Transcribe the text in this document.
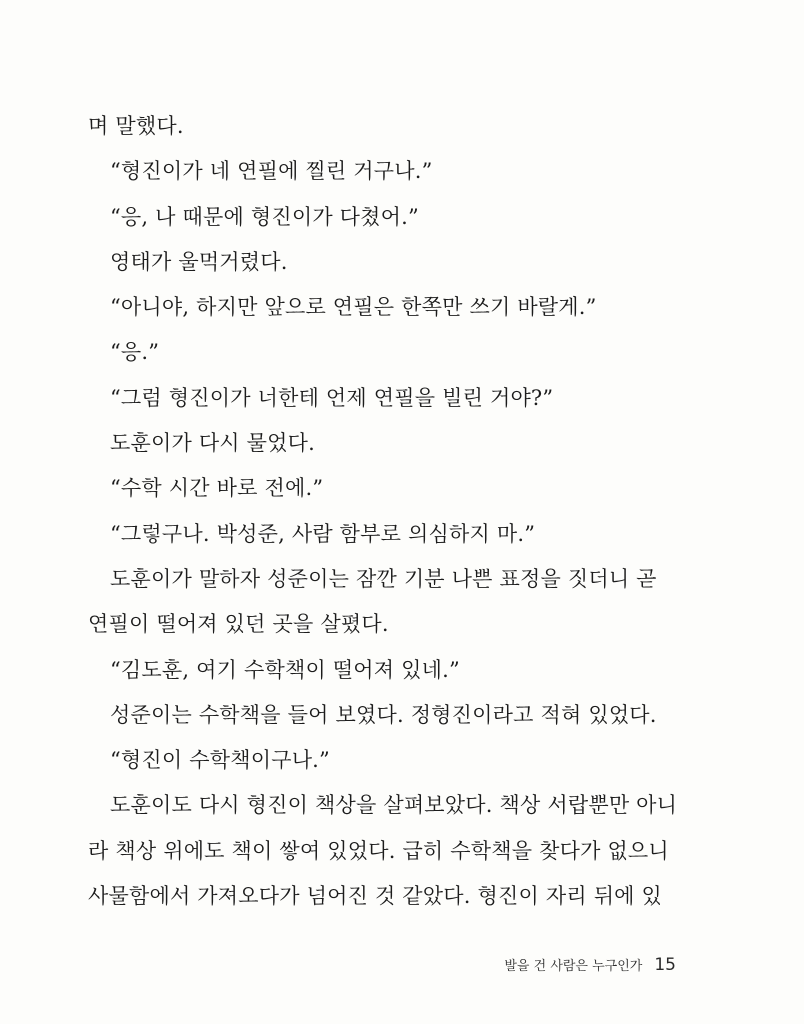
며 말했다.
“형진이가 네 연필에 찔린 거구나.”
“응, 나 때문에 형진이가 다쳤어.”
영태가 울먹거렸다.
“아니야, 하지만 앞으로 연필은 한쪽만 쓰기 바랄게.”
“응.”
“그럼 형진이가 너한테 언제 연필을 빌린 거야?”
도훈이가 다시 물었다.
“수학 시간 바로 전에.”
“그렇구나. 박성준, 사람 함부로 의심하지 마.”
도훈이가 말하자 성준이는 잠깐 기분 나쁜 표정을 짓더니 곧
연필이 떨어져 있던 곳을 살폈다.
“김도훈, 여기 수학책이 떨어져 있네.”
성준이는 수학책을 들어 보였다. 정형진이라고 적혀 있었다.
“형진이 수학책이구나.”
도훈이도 다시 형진이 책상을 살펴보았다. 책상 서랍뿐만 아니
라 책상 위에도 책이 쌓여 있었다. 급히 수학책을 찾다가 없으니
사물함에서 가져오다가 넘어진 것 같았다. 형진이 자리 뒤에 있
발을 건 사람은 누구인가 15
